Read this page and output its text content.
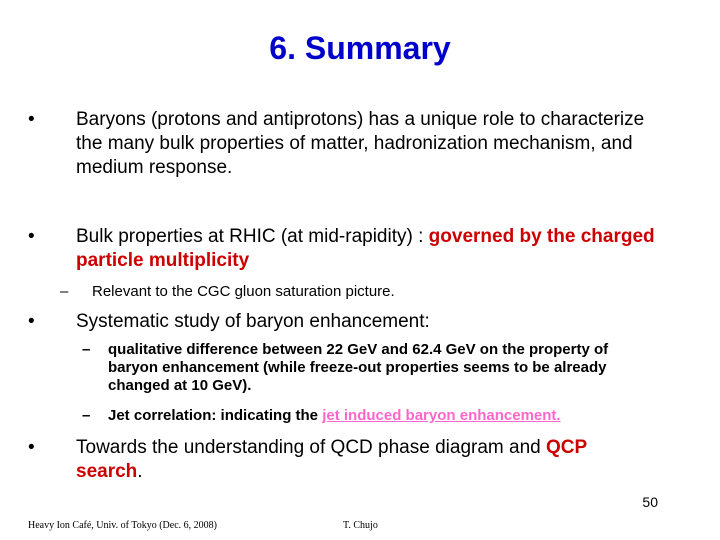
6. Summary
• Baryons (protons and antiprotons) has a unique role to characterize the many bulk properties of matter, hadronization mechanism, and medium response.
• Bulk properties at RHIC (at mid-rapidity) : governed by the charged particle multiplicity
– Relevant to the CGC gluon saturation picture.
• Systematic study of baryon enhancement:
– qualitative difference between 22 GeV and 62.4 GeV on the property of baryon enhancement (while freeze-out properties seems to be already changed at 10 GeV).
– Jet correlation: indicating the jet induced baryon enhancement.
• Towards the understanding of QCD phase diagram and QCP search.
50
Heavy Ion Café, Univ. of Tokyo (Dec. 6, 2008)	T. Chujo
